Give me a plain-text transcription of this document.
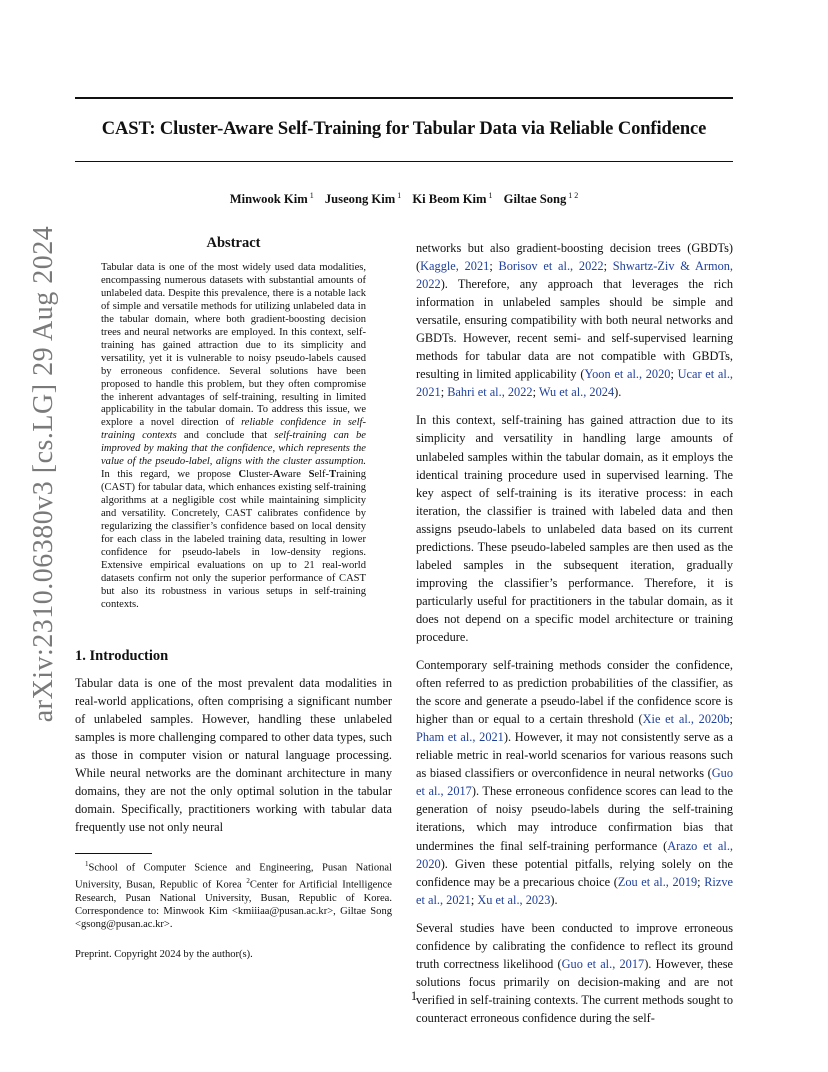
CAST: Cluster-Aware Self-Training for Tabular Data via Reliable Confidence
Minwook Kim $^1$ Juseong Kim $^1$ Ki Beom Kim $^1$ Giltae Song $^{1 2}$
arXiv:2310.06380v3 [cs.LG] 29 Aug 2024	Abstract

Tabular data is one of the most widely used data modalities, encompassing numerous datasets with substantial amounts of unlabeled data. Despite this prevalence, there is a notable lack of simple and versatile methods for utilizing unlabeled data in the tabular domain, where both gradient-boosting decision trees and neural networks are employed. In this context, self-training has gained attraction due to its simplicity and versatility, yet it is vulnerable to noisy pseudo-labels caused by erroneous confidence. Several solutions have been proposed to handle this problem, but they often compromise the inherent advantages of self-training, resulting in limited applicability in the tabular domain. To address this issue, we explore a novel direction of reliable confidence in self-training contexts and conclude that self-training can be improved by making that the confidence, which represents the value of the pseudo-label, aligns with the cluster assumption. In this regard, we propose Cluster-Aware Self-Training (CAST) for tabular data, which enhances existing self-training algorithms at a negligible cost while maintaining simplicity and versatility. Concretely, CAST calibrates confidence by regularizing the classifier’s confidence based on local density for each class in the labeled training data, resulting in lower confidence for pseudo-labels in low-density regions. Extensive empirical evaluations on up to 21 real-world datasets confirm not only the superior performance of CAST but also its robustness in various setups in self-training contexts.

1. Introduction

Tabular data is one of the most prevalent data modalities in real-world applications, often comprising a significant number of unlabeled samples. However, handling these unlabeled samples is more challenging compared to other data types, such as those in computer vision or natural language processing. While neural networks are the dominant architecture in many domains, they are not the only optimal solution in the tabular domain. Specifically, practitioners working with tabular data frequently use not only neural

$^1$School of Computer Science and Engineering, Pusan National University, Busan, Republic of Korea $^2$Center for Artificial Intelligence Research, Pusan National University, Busan, Republic of Korea. Correspondence to: Minwook Kim <kmiiiaa@pusan.ac.kr>, Giltae Song <gsong@pusan.ac.kr>.

Preprint. Copyright 2024 by the author(s).

networks but also gradient-boosting decision trees (GBDTs) (Kaggle, 2021; Borisov et al., 2022; Shwartz-Ziv & Armon, 2022). Therefore, any approach that leverages the rich information in unlabeled samples should be simple and versatile, ensuring compatibility with both neural networks and GBDTs. However, recent semi- and self-supervised learning methods for tabular data are not compatible with GBDTs, resulting in limited applicability (Yoon et al., 2020; Ucar et al., 2021; Bahri et al., 2022; Wu et al., 2024).

In this context, self-training has gained attraction due to its simplicity and versatility in handling large amounts of unlabeled samples within the tabular domain, as it employs the identical training procedure used in supervised learning. The key aspect of self-training is its iterative process: in each iteration, the classifier is trained with labeled data and then assigns pseudo-labels to unlabeled data based on its current predictions. These pseudo-labeled samples are then used as the labeled samples in the subsequent iteration, gradually improving the classifier’s performance. Therefore, it is particularly useful for practitioners in the tabular domain, as it does not depend on a specific model architecture or training procedure.

Contemporary self-training methods consider the confidence, often referred to as prediction probabilities of the classifier, as the score and generate a pseudo-label if the confidence score is higher than or equal to a certain threshold (Xie et al., 2020b; Pham et al., 2021). However, it may not consistently serve as a reliable metric in real-world scenarios for various reasons such as biased classifiers or overconfidence in neural networks (Guo et al., 2017). These erroneous confidence scores can lead to the generation of noisy pseudo-labels during the self-training iterations, which may introduce confirmation bias that undermines the final self-training performance (Arazo et al., 2020). Given these potential pitfalls, relying solely on the confidence may be a precarious choice (Zou et al., 2019; Rizve et al., 2021; Xu et al., 2023).

Several studies have been conducted to improve erroneous confidence by calibrating the confidence to reflect its ground truth correctness likelihood (Guo et al., 2017). However, these solutions focus primarily on decision-making and are not verified in self-training contexts. The current methods sought to counteract erroneous confidence during the self-

1
